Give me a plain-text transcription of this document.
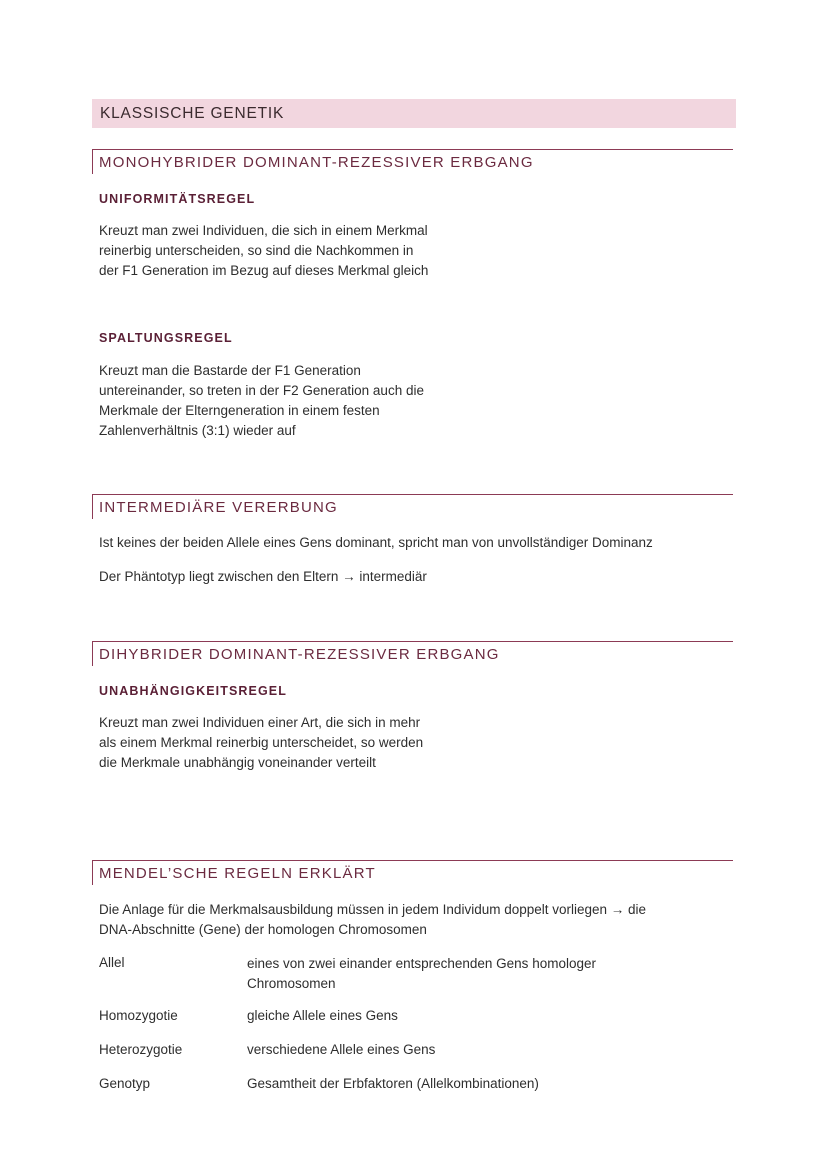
KLASSISCHE GENETIK
MONOHYBRIDER DOMINANT-REZESSIVER ERBGANG
UNIFORMITÄTSREGEL
Kreuzt man zwei Individuen, die sich in einem Merkmal
reinerbig unterscheiden, so sind die Nachkommen in
der F1 Generation im Bezug auf dieses Merkmal gleich
SPALTUNGSREGEL
Kreuzt man die Bastarde der F1 Generation
untereinander, so treten in der F2 Generation auch die
Merkmale der Elterngeneration in einem festen
Zahlenverhältnis (3:1) wieder auf
INTERMEDIÄRE VERERBUNG
Ist keines der beiden Allele eines Gens dominant, spricht man von unvollständiger Dominanz
Der Phäntotyp liegt zwischen den Eltern → intermediär
DIHYBRIDER DOMINANT-REZESSIVER ERBGANG
UNABHÄNGIGKEITSREGEL
Kreuzt man zwei Individuen einer Art, die sich in mehr
als einem Merkmal reinerbig unterscheidet, so werden
die Merkmale unabhängig voneinander verteilt
MENDEL’SCHE REGELN ERKLÄRT
Die Anlage für die Merkmalsausbildung müssen in jedem Individum doppelt vorliegen → die
DNA-Abschnitte (Gene) der homologen Chromosomen
Allel	eines von zwei einander entsprechenden Gens homologer
Chromosomen
Homozygotie	gleiche Allele eines Gens
Heterozygotie	verschiedene Allele eines Gens
Genotyp	Gesamtheit der Erbfaktoren (Allelkombinationen)
